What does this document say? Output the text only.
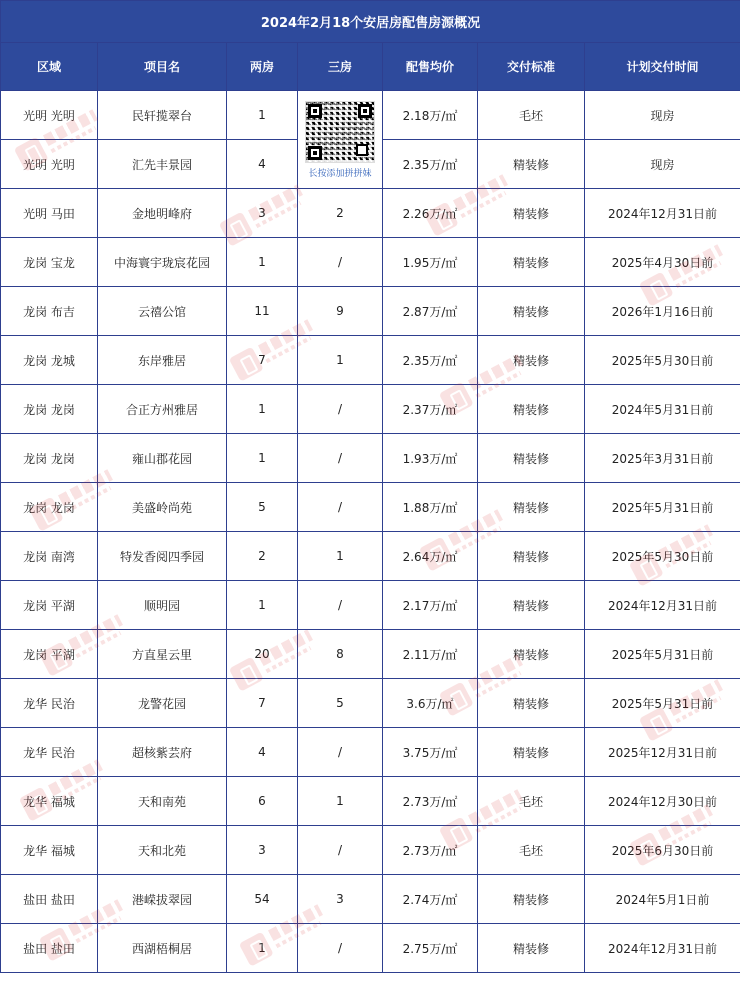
2024年2月18个安居房配售房源概况						
区域	项目名	两房	三房	配售均价	交付标准	计划交付时间
光明 光明	民轩揽翠台	1	长按添加拼拼妹	2.18万/㎡	毛坯	现房
光明 光明	汇先丰景园	4		2.35万/㎡	精装修	现房
光明 马田	金地明峰府	3	2	2.26万/㎡	精装修	2024年12月31日前
龙岗 宝龙	中海寰宇珑宸花园	1	/	1.95万/㎡	精装修	2025年4月30日前
龙岗 布吉	云禧公馆	11	9	2.87万/㎡	精装修	2026年1月16日前
龙岗 龙城	东岸雅居	7	1	2.35万/㎡	精装修	2025年5月30日前
龙岗 龙岗	合正方州雅居	1	/	2.37万/㎡	精装修	2024年5月31日前
龙岗 龙岗	雍山郡花园	1	/	1.93万/㎡	精装修	2025年3月31日前
龙岗 龙岗	美盛岭尚苑	5	/	1.88万/㎡	精装修	2025年5月31日前
龙岗 南湾	特发香阅四季园	2	1	2.64万/㎡	精装修	2025年5月30日前
龙岗 平湖	顺明园	1	/	2.17万/㎡	精装修	2024年12月31日前
龙岗 平湖	方直星云里	20	8	2.11万/㎡	精装修	2025年5月31日前
龙华 民治	龙警花园	7	5	3.6万/㎡	精装修	2025年5月31日前
龙华 民治	超核紫芸府	4	/	3.75万/㎡	精装修	2025年12月31日前
龙华 福城	天和南苑	6	1	2.73万/㎡	毛坯	2024年12月30日前
龙华 福城	天和北苑	3	/	2.73万/㎡	毛坯	2025年6月30日前
盐田 盐田	港嵘拔翠园	54	3	2.74万/㎡	精装修	2024年5月1日前
盐田 盐田	西湖梧桐居	1	/	2.75万/㎡	精装修	2024年12月31日前
